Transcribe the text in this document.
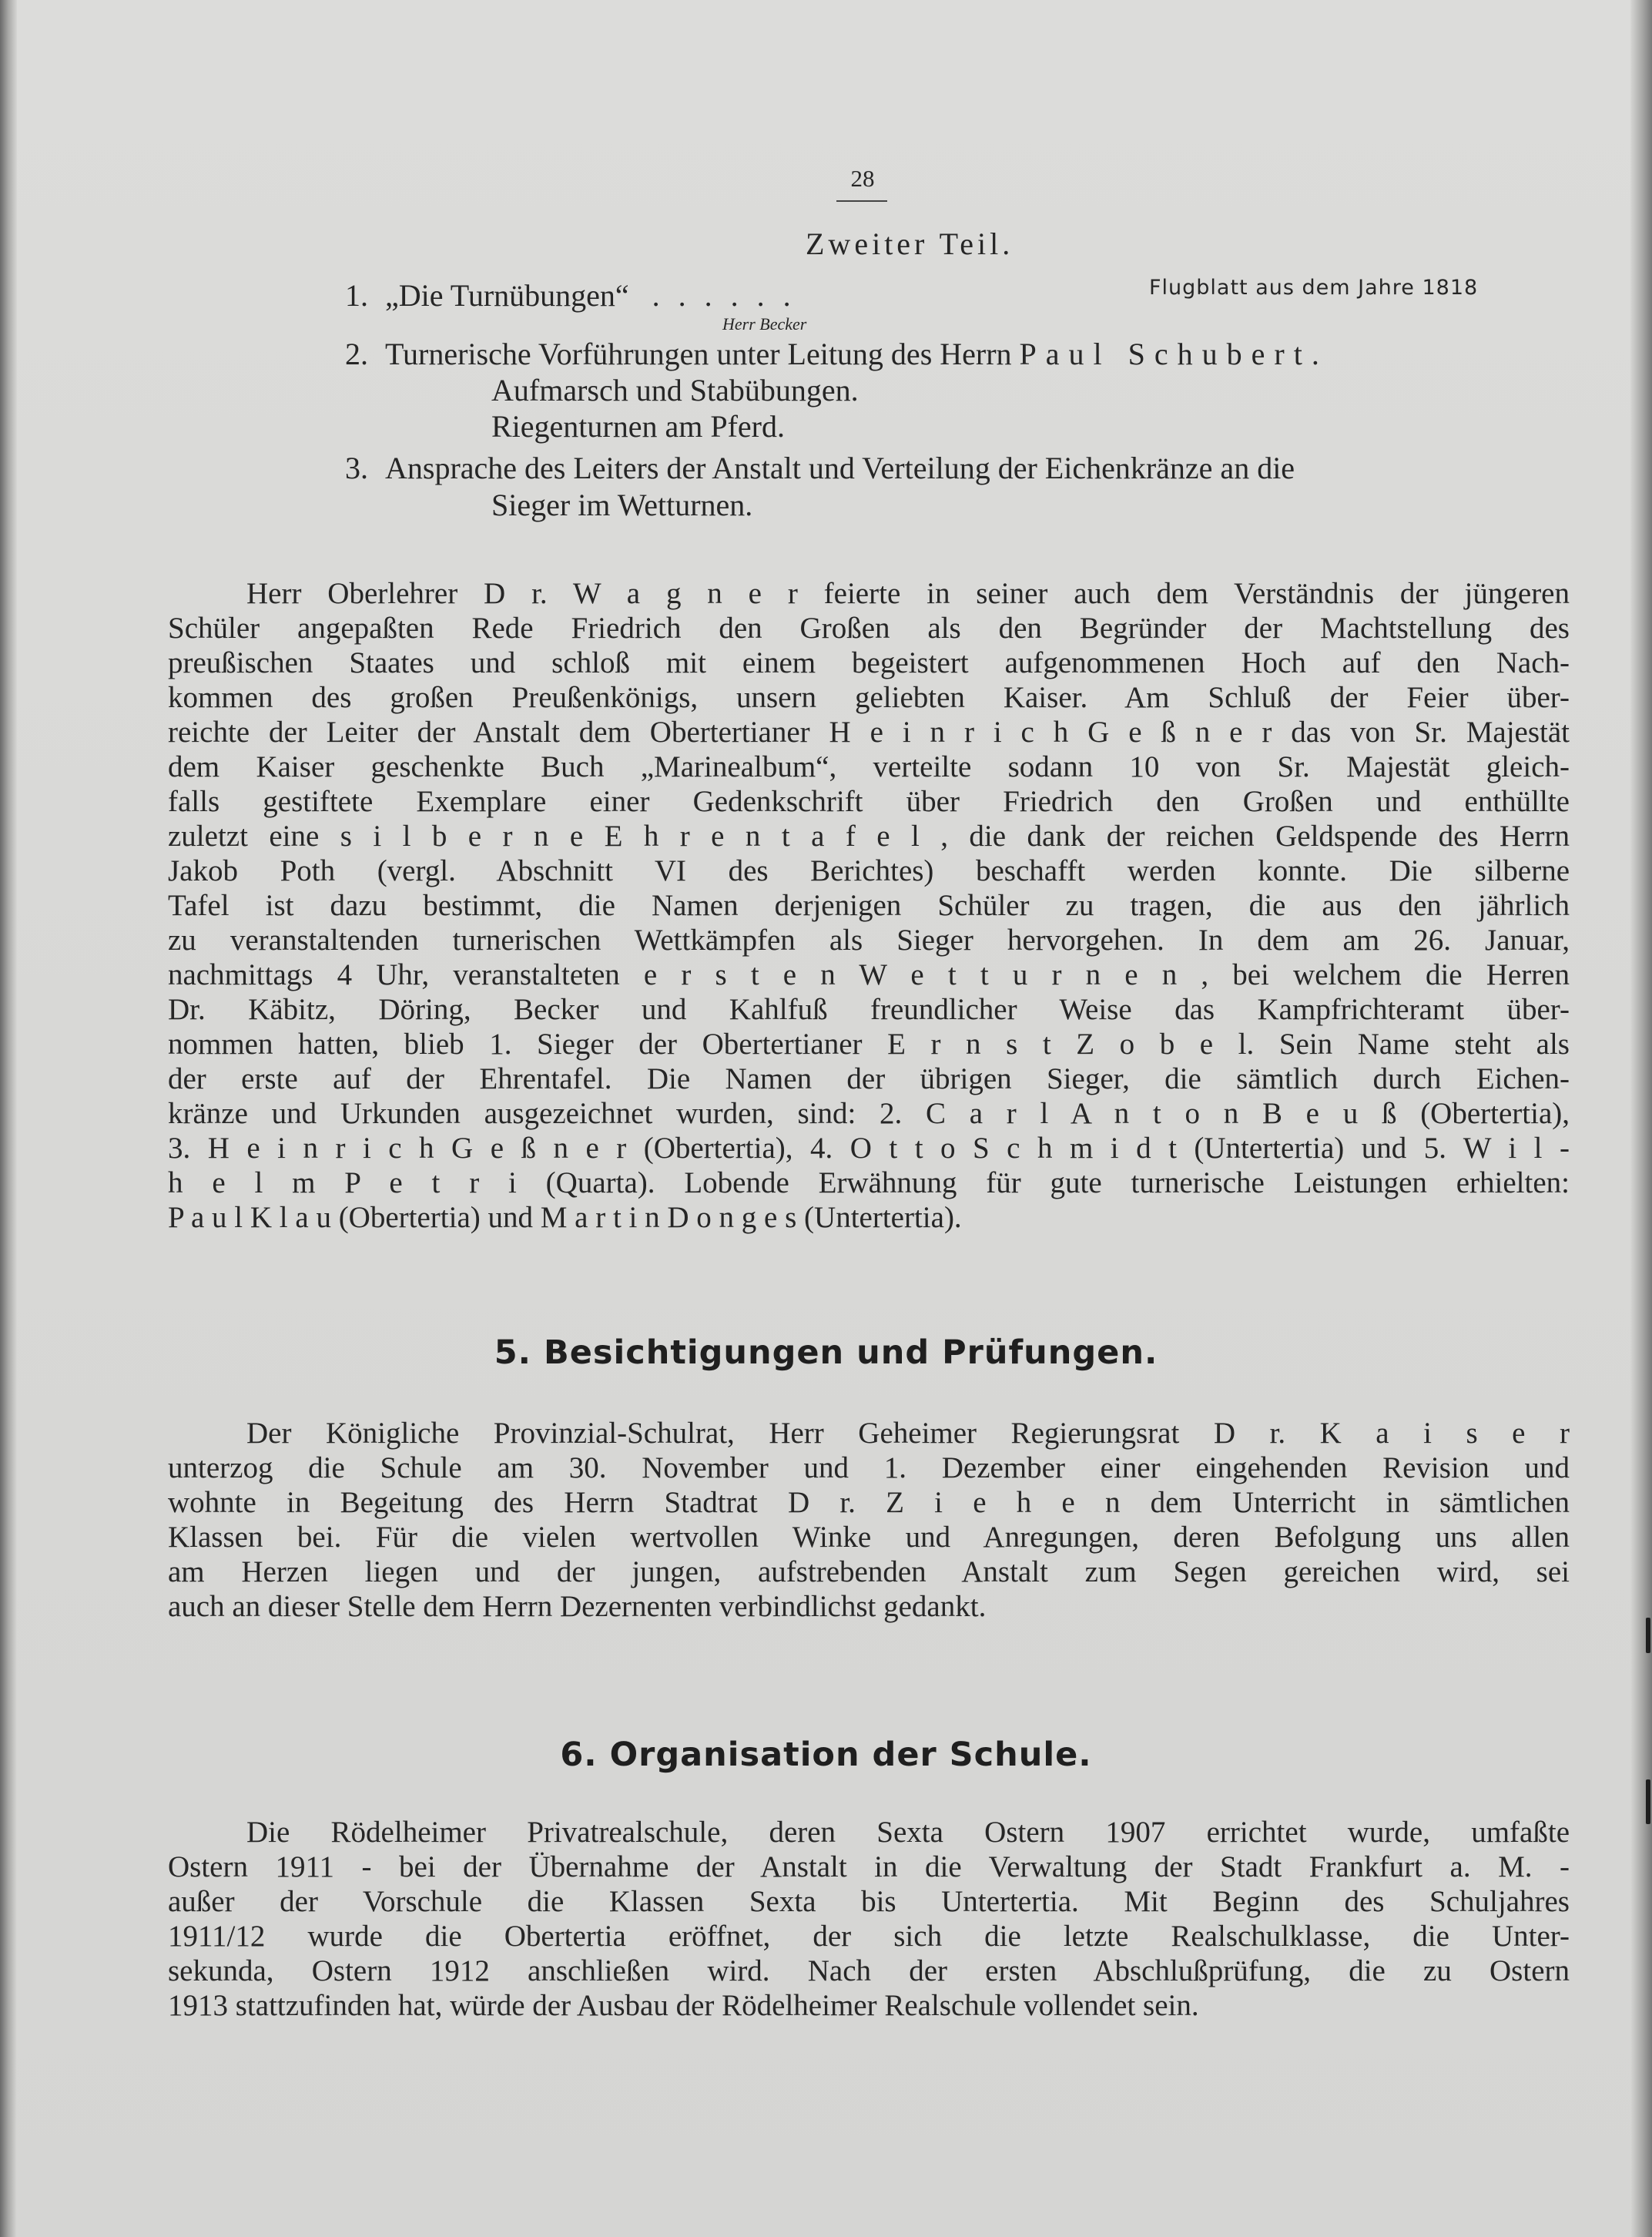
28
Zweiter Teil.
1. „Die Turnübungen“ ......	Flugblatt aus dem Jahre 1818
Herr Becker
2. Turnerische Vorführungen unter Leitung des Herrn Paul Schubert.
Aufmarsch und Stabübungen.
Riegenturnen am Pferd.
3. Ansprache des Leiters der Anstalt und Verteilung der Eichenkränze an die
Sieger im Wetturnen.
Herr Oberlehrer D r. W a g n e r feierte in seiner auch dem Verständnis der jüngeren
Schüler angepaßten Rede Friedrich den Großen als den Begründer der Machtstellung des
preußischen Staates und schloß mit einem begeistert aufgenommenen Hoch auf den Nach-
kommen des großen Preußenkönigs, unsern geliebten Kaiser. Am Schluß der Feier über-
reichte der Leiter der Anstalt dem Obertertianer H e i n r i c h G e ß n e r das von Sr. Majestät
dem Kaiser geschenkte Buch „Marinealbum“, verteilte sodann 10 von Sr. Majestät gleich-
falls gestiftete Exemplare einer Gedenkschrift über Friedrich den Großen und enthüllte
zuletzt eine s i l b e r n e E h r e n t a f e l , die dank der reichen Geldspende des Herrn
Jakob Poth (vergl. Abschnitt VI des Berichtes) beschafft werden konnte. Die silberne
Tafel ist dazu bestimmt, die Namen derjenigen Schüler zu tragen, die aus den jährlich
zu veranstaltenden turnerischen Wettkämpfen als Sieger hervorgehen. In dem am 26. Januar,
nachmittags 4 Uhr, veranstalteten e r s t e n W e t t u r n e n , bei welchem die Herren
Dr. Käbitz, Döring, Becker und Kahlfuß freundlicher Weise das Kampfrichteramt über-
nommen hatten, blieb 1. Sieger der Obertertianer E r n s t Z o b e l. Sein Name steht als
der erste auf der Ehrentafel. Die Namen der übrigen Sieger, die sämtlich durch Eichen-
kränze und Urkunden ausgezeichnet wurden, sind: 2. C a r l A n t o n B e u ß (Obertertia),
3. H e i n r i c h G e ß n e r (Obertertia), 4. O t t o S c h m i d t (Untertertia) und 5. W i l -
h e l m P e t r i (Quarta). Lobende Erwähnung für gute turnerische Leistungen erhielten:
P a u l K l a u (Obertertia) und M a r t i n D o n g e s (Untertertia).
5. Besichtigungen und Prüfungen.
Der Königliche Provinzial-Schulrat, Herr Geheimer Regierungsrat D r. K a i s e r
unterzog die Schule am 30. November und 1. Dezember einer eingehenden Revision und
wohnte in Begeitung des Herrn Stadtrat D r. Z i e h e n dem Unterricht in sämtlichen
Klassen bei. Für die vielen wertvollen Winke und Anregungen, deren Befolgung uns allen
am Herzen liegen und der jungen, aufstrebenden Anstalt zum Segen gereichen wird, sei
auch an dieser Stelle dem Herrn Dezernenten verbindlichst gedankt.
6. Organisation der Schule.
Die Rödelheimer Privatrealschule, deren Sexta Ostern 1907 errichtet wurde, umfaßte
Ostern 1911 - bei der Übernahme der Anstalt in die Verwaltung der Stadt Frankfurt a. M. -
außer der Vorschule die Klassen Sexta bis Untertertia. Mit Beginn des Schuljahres
1911/12 wurde die Obertertia eröffnet, der sich die letzte Realschulklasse, die Unter-
sekunda, Ostern 1912 anschließen wird. Nach der ersten Abschlußprüfung, die zu Ostern
1913 stattzufinden hat, würde der Ausbau der Rödelheimer Realschule vollendet sein.
